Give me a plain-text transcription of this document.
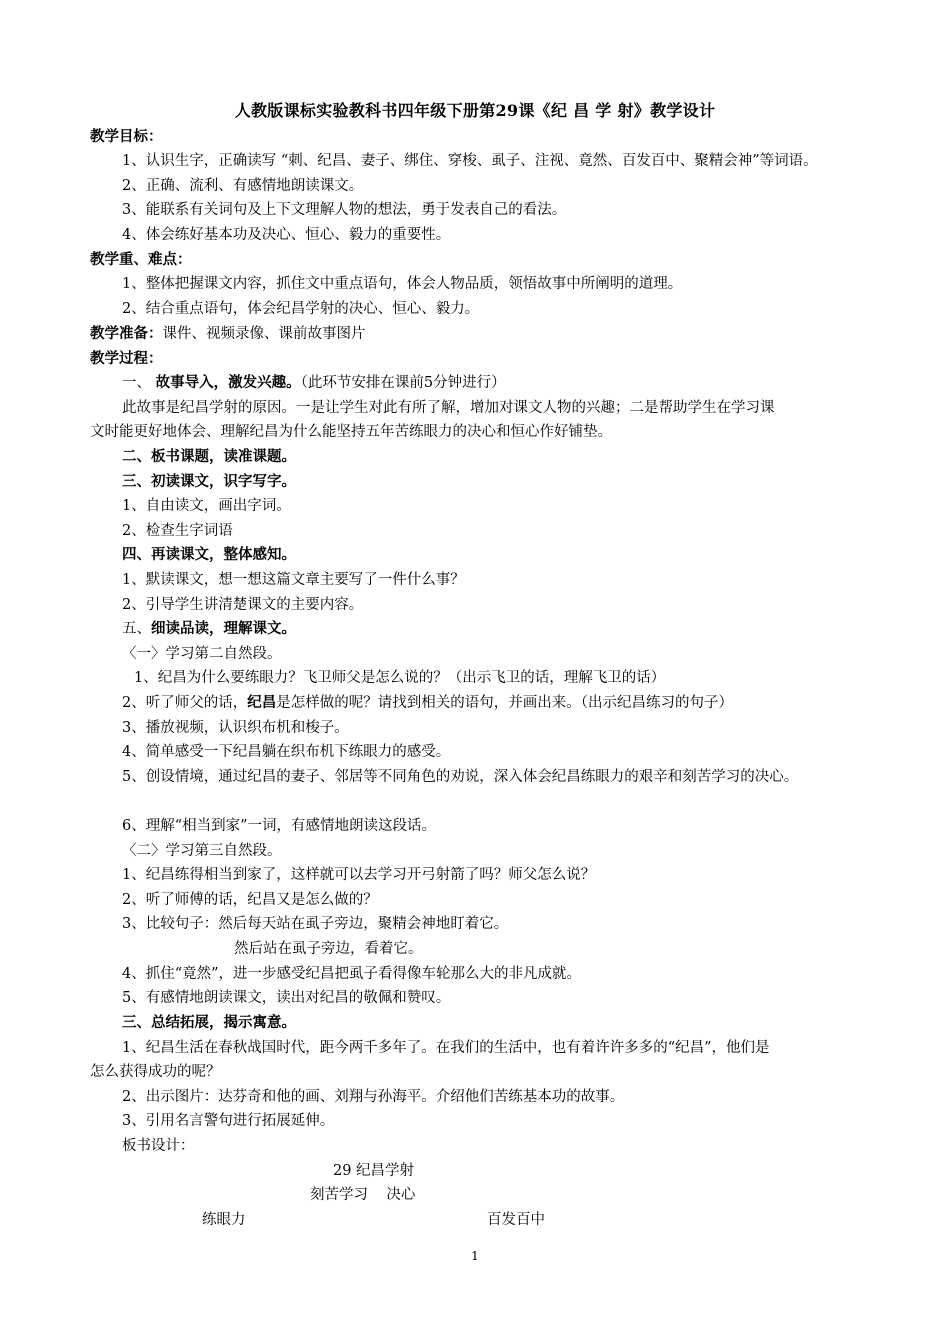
人教版课标实验教科书四年级下册第29课《纪 昌 学 射》教学设计
教学目标：
1、认识生字，正确读写 “刺、纪昌、妻子、绑住、穿梭、虱子、注视、竟然、百发百中、聚精会神”等词语。
2、正确、流利、有感情地朗读课文。
3、能联系有关词句及上下文理解人物的想法，勇于发表自己的看法。
4、体会练好基本功及决心、恒心、毅力的重要性。
教学重、难点：
1、整体把握课文内容，抓住文中重点语句，体会人物品质，领悟故事中所阐明的道理。
2、结合重点语句，体会纪昌学射的决心、恒心、毅力。
教学准备：课件、视频录像、课前故事图片
教学过程：
一、 故事导入，激发兴趣。（此环节安排在课前5分钟进行）
此故事是纪昌学射的原因。一是让学生对此有所了解，增加对课文人物的兴趣；二是帮助学生在学习课
文时能更好地体会、理解纪昌为什么能坚持五年苦练眼力的决心和恒心作好铺垫。
二、板书课题，读准课题。
三、初读课文，识字写字。
1、自由读文，画出字词。
2、检查生字词语
四、再读课文，整体感知。
1、默读课文，想一想这篇文章主要写了一件什么事？
2、引导学生讲清楚课文的主要内容。
五、细读品读，理解课文。
〈一〉学习第二自然段。
1、纪昌为什么要练眼力？飞卫师父是怎么说的？（出示飞卫的话，理解飞卫的话）
2、听了师父的话，纪昌是怎样做的呢？请找到相关的语句，并画出来。（出示纪昌练习的句子）
3、播放视频，认识织布机和梭子。
4、简单感受一下纪昌躺在织布机下练眼力的感受。
5、创设情境，通过纪昌的妻子、邻居等不同角色的劝说，深入体会纪昌练眼力的艰辛和刻苦学习的决心。
6、理解“相当到家”一词，有感情地朗读这段话。
〈二〉学习第三自然段。
1、纪昌练得相当到家了，这样就可以去学习开弓射箭了吗？师父怎么说？
2、听了师傅的话，纪昌又是怎么做的？
3、比较句子：然后每天站在虱子旁边，聚精会神地盯着它。
然后站在虱子旁边，看着它。
4、抓住“竟然”，进一步感受纪昌把虱子看得像车轮那么大的非凡成就。
5、有感情地朗读课文，读出对纪昌的敬佩和赞叹。
三、总结拓展，揭示寓意。
1、纪昌生活在春秋战国时代，距今两千多年了。在我们的生活中，也有着许许多多的“纪昌”，他们是
怎么获得成功的呢？
2、出示图片：达芬奇和他的画、刘翔与孙海平。介绍他们苦练基本功的故事。
3、引用名言警句进行拓展延伸。
板书设计：
29 纪昌学射
刻苦学习    决心
练眼力	百发百中
1
